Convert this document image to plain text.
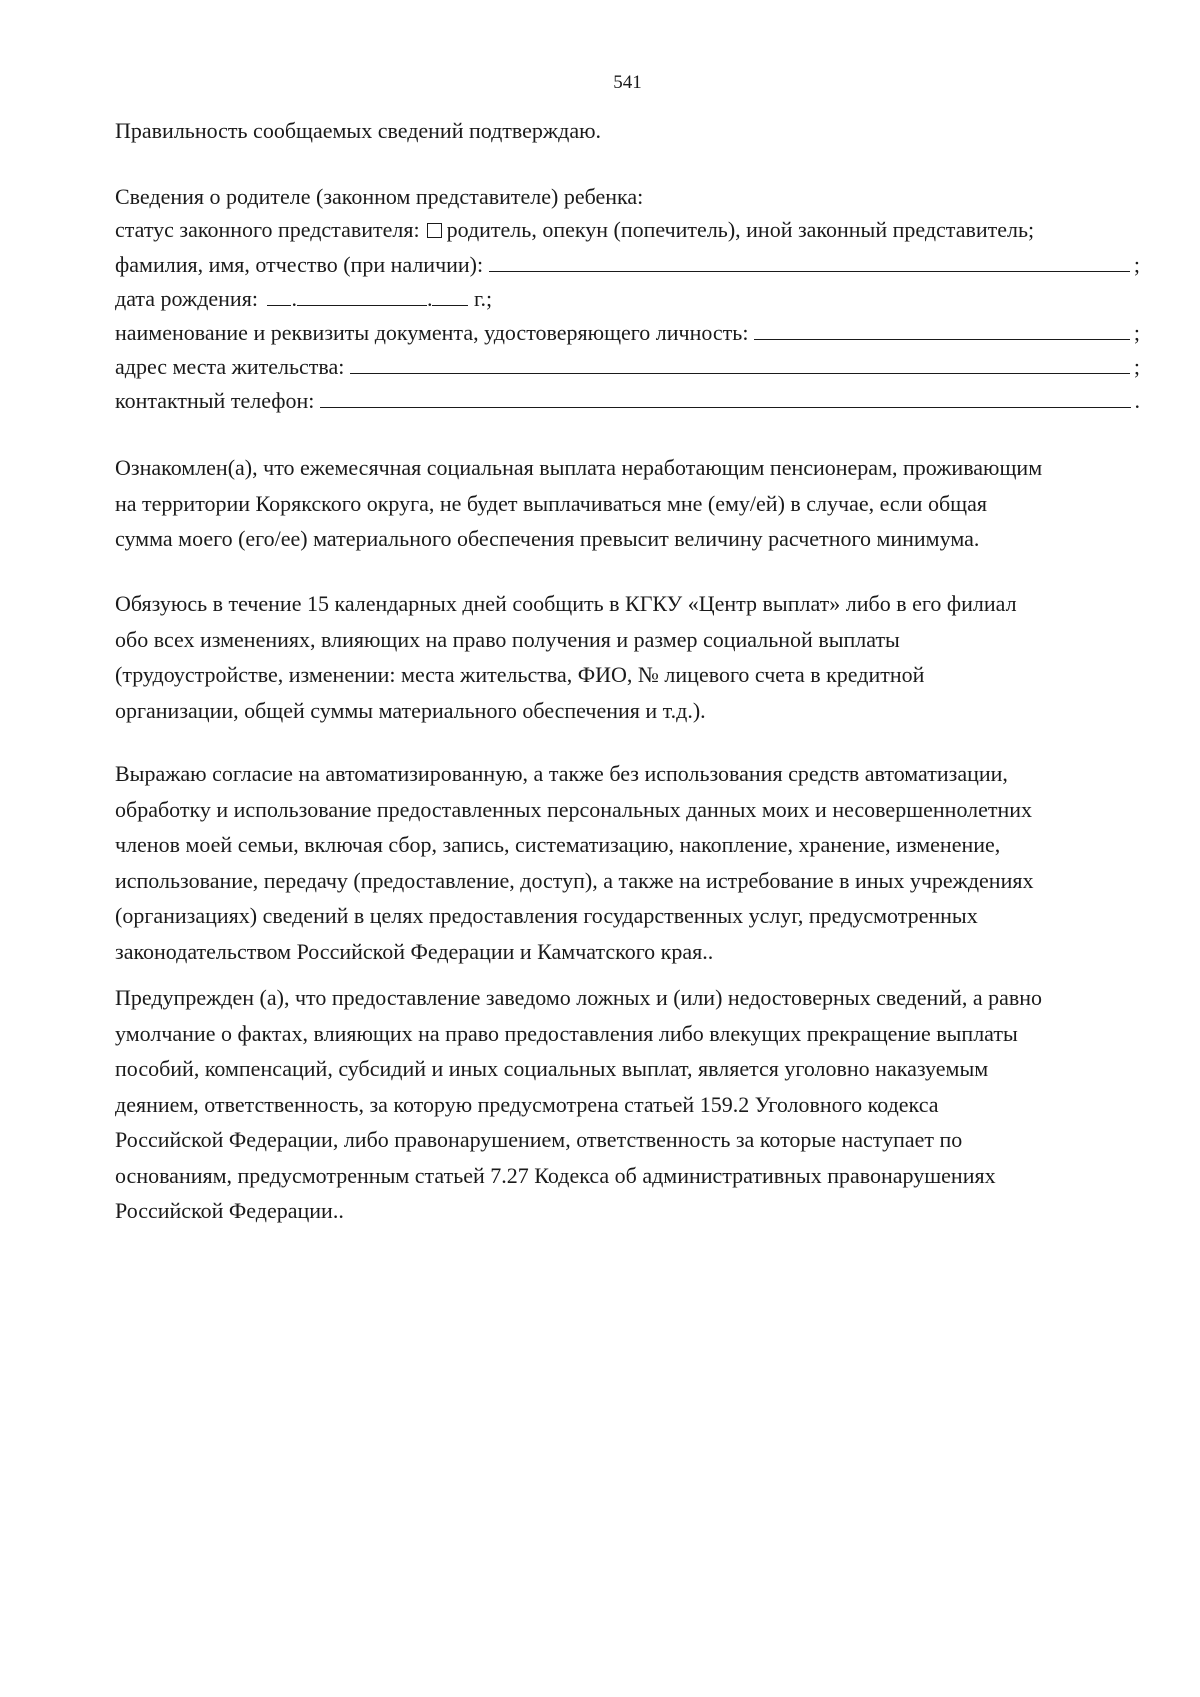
541
Правильность сообщаемых сведений подтверждаю.
Сведения о родителе (законном представителе) ребенка:
статус законного представителя: родитель, опекун (попечитель), иной законный представитель;
фамилия, имя, отчество (при наличии):	;
дата рождения: .	. г.;
наименование и реквизиты документа, удостоверяющего личность:	;
адрес места жительства:	;
контактный телефон:	.
Ознакомлен(а), что ежемесячная социальная выплата неработающим пенсионерам, проживающим
на территории Корякского округа, не будет выплачиваться мне (ему/ей) в случае, если общая
сумма моего (его/ее) материального обеспечения превысит величину расчетного минимума.
Обязуюсь в течение 15 календарных дней сообщить в КГКУ «Центр выплат» либо в его филиал
обо всех изменениях, влияющих на право получения и размер социальной выплаты
(трудоустройстве, изменении: места жительства, ФИО, № лицевого счета в кредитной
организации, общей суммы материального обеспечения и т.д.).
Выражаю согласие на автоматизированную, а также без использования средств автоматизации,
обработку и использование предоставленных персональных данных моих и несовершеннолетних
членов моей семьи, включая сбор, запись, систематизацию, накопление, хранение, изменение,
использование, передачу (предоставление, доступ), а также на истребование в иных учреждениях
(организациях) сведений в целях предоставления государственных услуг, предусмотренных
законодательством Российской Федерации и Камчатского края..
Предупрежден (а), что предоставление заведомо ложных и (или) недостоверных сведений, а равно
умолчание о фактах, влияющих на право предоставления либо влекущих прекращение выплаты
пособий, компенсаций, субсидий и иных социальных выплат, является уголовно наказуемым
деянием, ответственность, за которую предусмотрена статьей 159.2 Уголовного кодекса
Российской Федерации, либо правонарушением, ответственность за которые наступает по
основаниям, предусмотренным статьей 7.27 Кодекса об административных правонарушениях
Российской Федерации..
